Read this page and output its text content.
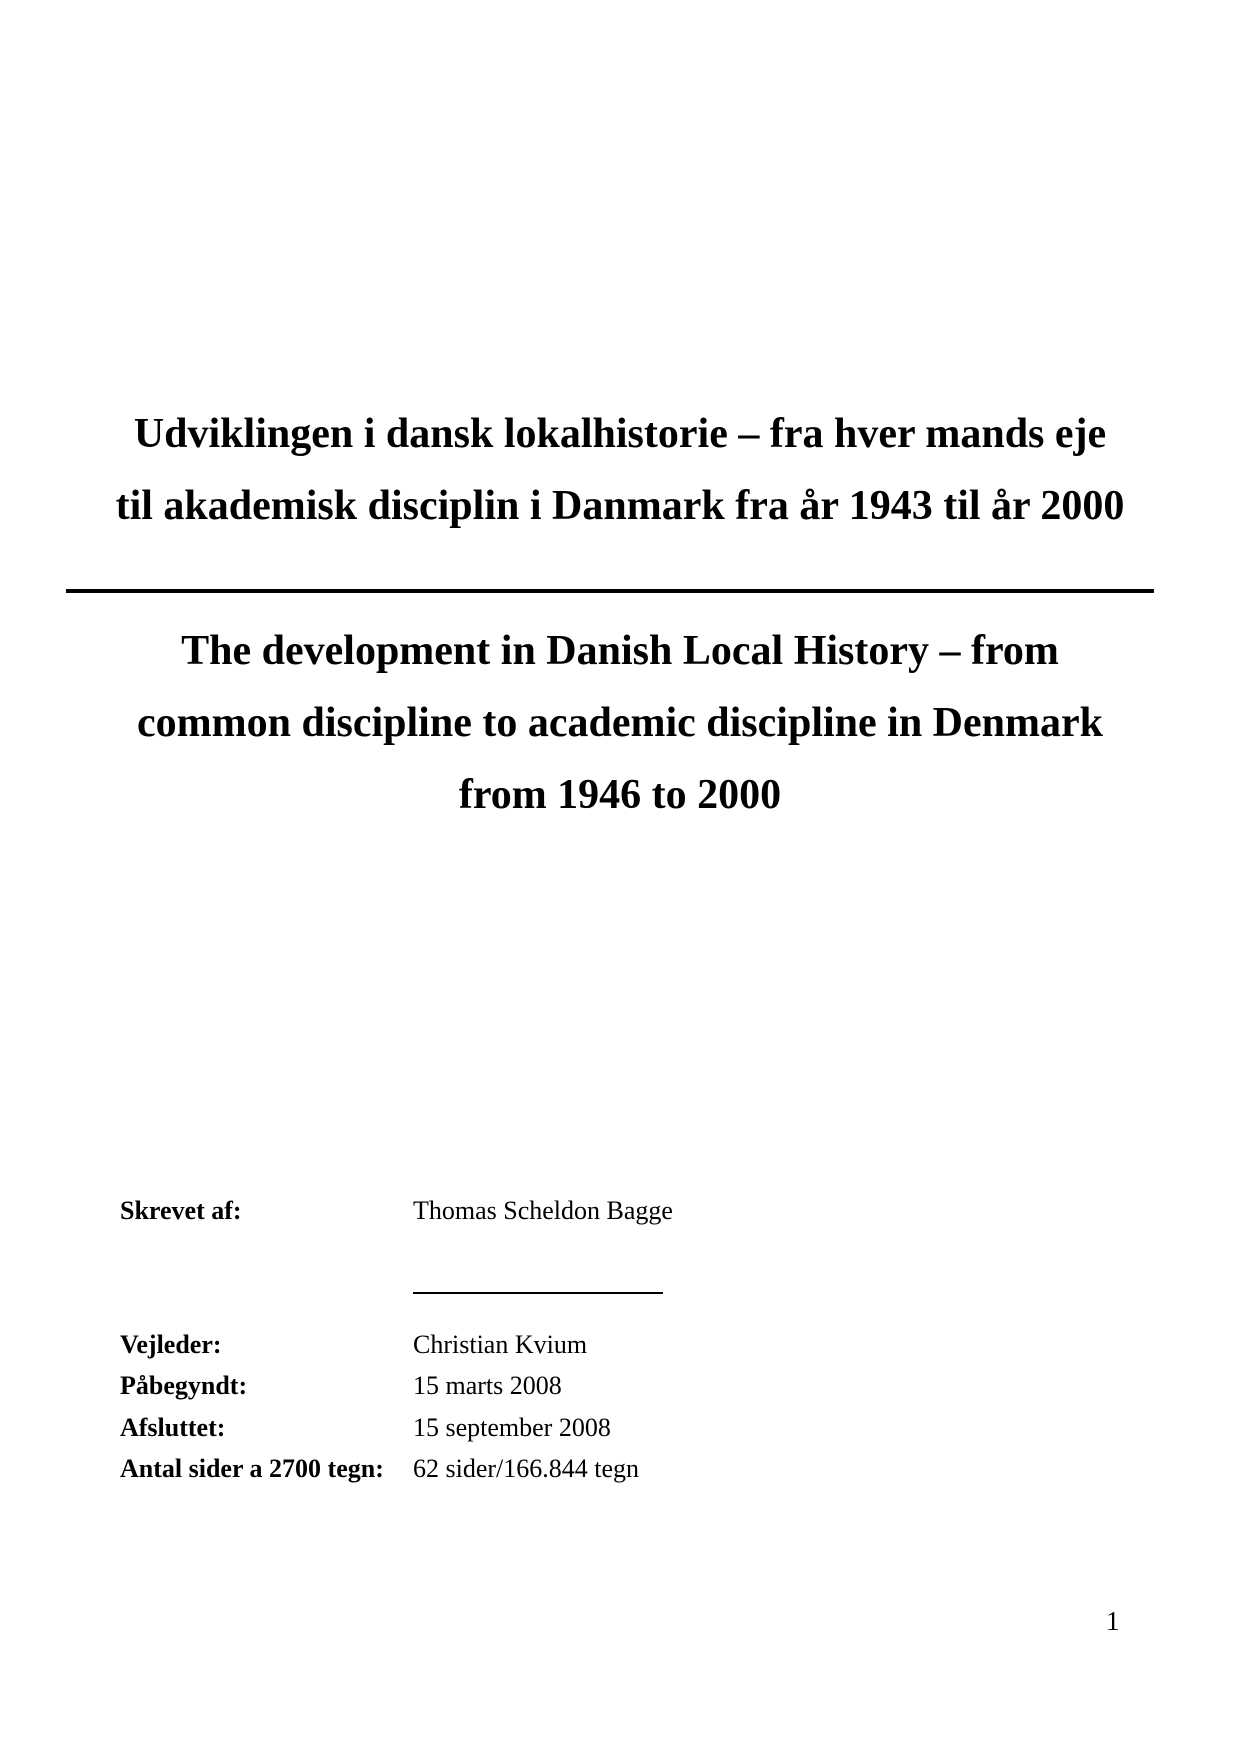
Udviklingen i dansk lokalhistorie – fra hver mands eje
til akademisk disciplin i Danmark fra år 1943 til år 2000
The development in Danish Local History – from
common discipline to academic discipline in Denmark
from 1946 to 2000
Skrevet af:	Thomas Scheldon Bagge
Vejleder:	Christian Kvium
Påbegyndt:	15 marts 2008
Afsluttet:	15 september 2008
Antal sider a 2700 tegn:	62 sider/166.844 tegn
1
